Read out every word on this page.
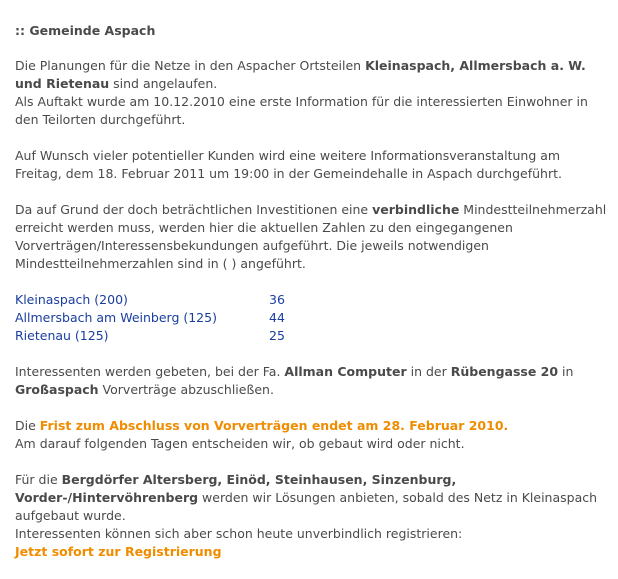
:: Gemeinde Aspach

Die Planungen für die Netze in den Aspacher Ortsteilen Kleinaspach, Allmersbach a. W. und Rietenau sind angelaufen.
Als Auftakt wurde am 10.12.2010 eine erste Information für die interessierten Einwohner in den Teilorten durchgeführt.

Auf Wunsch vieler potentieller Kunden wird eine weitere Informationsveranstaltung am Freitag, dem 18. Februar 2011 um 19:00 in der Gemeindehalle in Aspach durchgeführt.

Da auf Grund der doch beträchtlichen Investitionen eine verbindliche Mindestteilnehmerzahl erreicht werden muss, werden hier die aktuellen Zahlen zu den eingegangenen Vorverträgen/Interessensbekundungen aufgeführt. Die jeweils notwendigen Mindestteilnehmerzahlen sind in ( ) angeführt.

Kleinaspach (200)	36
Allmersbach am Weinberg (125)	44
Rietenau (125)	25

Interessenten werden gebeten, bei der Fa. Allman Computer in der Rübengasse 20 in Großaspach Vorverträge abzuschließen.

Die Frist zum Abschluss von Vorverträgen endet am 28. Februar 2010.
Am darauf folgenden Tagen entscheiden wir, ob gebaut wird oder nicht.

Für die Bergdörfer Altersberg, Einöd, Steinhausen, Sinzenburg, Vorder-/Hintervöhrenberg werden wir Lösungen anbieten, sobald des Netz in Kleinaspach aufgebaut wurde.
Interessenten können sich aber schon heute unverbindlich registrieren:
Jetzt sofort zur Registrierung
